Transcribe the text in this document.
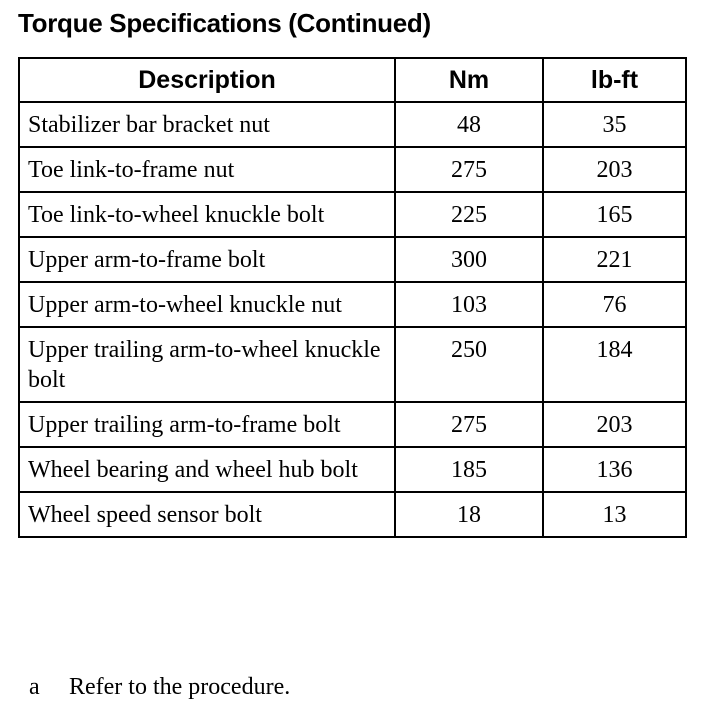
Torque Specifications (Continued)
Description	Nm	lb-ft
Stabilizer bar bracket nut	48	35
Toe link-to-frame nut	275	203
Toe link-to-wheel knuckle bolt	225	165
Upper arm-to-frame bolt	300	221
Upper arm-to-wheel knuckle nut	103	76
Upper trailing arm-to-wheel knuckle bolt	250	184
Upper trailing arm-to-frame bolt	275	203
Wheel bearing and wheel hub bolt	185	136
Wheel speed sensor bolt	18	13
a Refer to the procedure.
